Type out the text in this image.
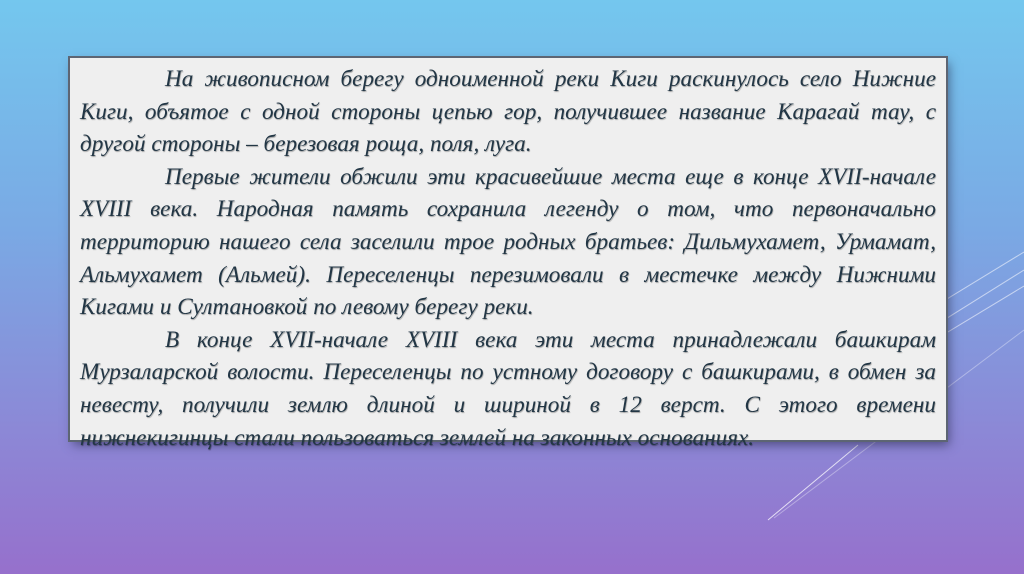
На живописном берегу одноименной реки Киги раскинулось село Нижние Киги, объятое с одной стороны цепью гор, получившее название Карагай тау, с другой стороны – березовая роща, поля, луга.

Первые жители обжили эти красивейшие места еще в конце XVII-начале XVIII века. Народная память сохранила легенду о том, что первоначально территорию нашего села заселили трое родных братьев: Дильмухамет, Урмамат, Альмухамет (Альмей). Переселенцы перезимовали в местечке между Нижними Кигами и Султановкой по левому берегу реки.

В конце XVII-начале XVIII века эти места принадлежали башкирам Мурзаларской волости. Переселенцы по устному договору с башкирами, в обмен за невесту, получили землю длиной и шириной в 12 верст. С этого времени нижнекигинцы стали пользоваться землей на законных основаниях.
